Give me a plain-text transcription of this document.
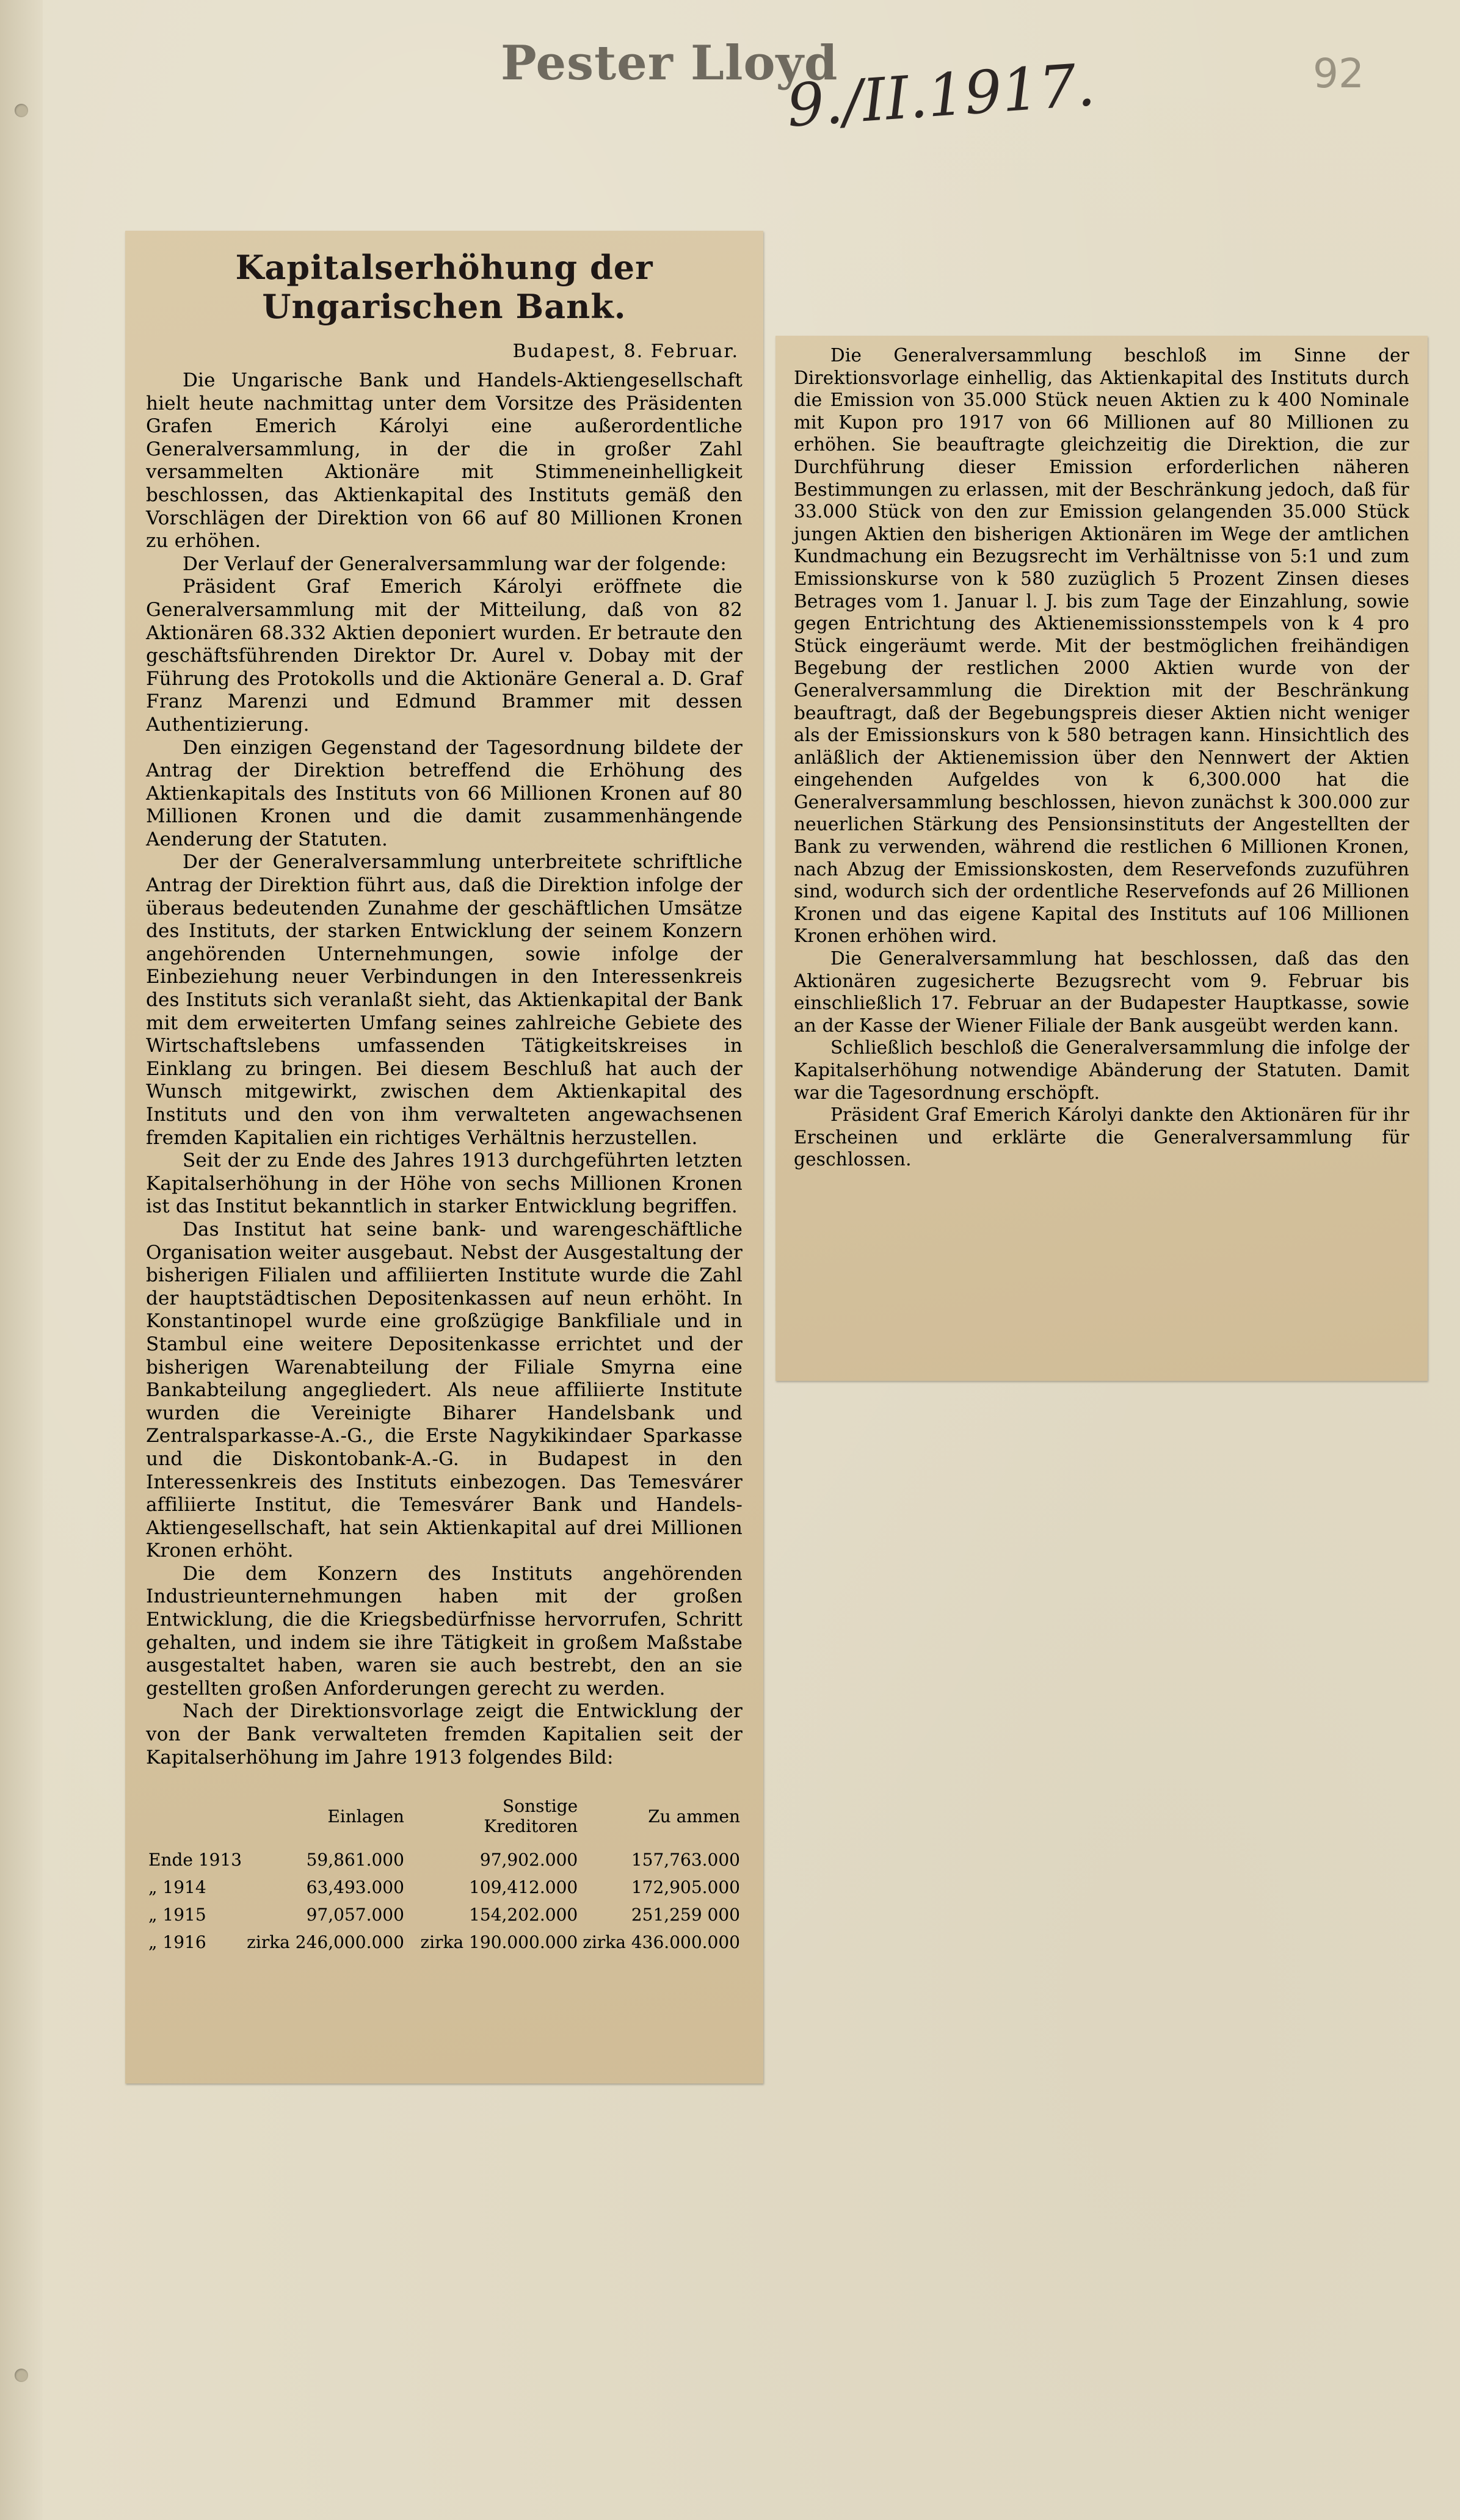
Pester Lloyd
9./II.1917.	92
Kapitalserhöhung der Ungarischen Bank.
Budapest, 8. Februar.

Die Ungarische Bank und Handels-Aktiengesellschaft hielt heute nachmittag unter dem Vorsitze des Präsidenten Grafen Emerich Károlyi eine außerordentliche Generalversammlung, in der die in großer Zahl versammelten Aktionäre mit Stimmeneinhelligkeit beschlossen, das Aktienkapital des Instituts gemäß den Vorschlägen der Direktion von 66 auf 80 Millionen Kronen zu erhöhen.

Der Verlauf der Generalversammlung war der folgende:

Präsident Graf Emerich Károlyi eröffnete die Generalversammlung mit der Mitteilung, daß von 82 Aktionären 68.332 Aktien deponiert wurden. Er betraute den geschäftsführenden Direktor Dr. Aurel v. Dobay mit der Führung des Protokolls und die Aktionäre General a. D. Graf Franz Marenzi und Edmund Brammer mit dessen Authentizierung.

Den einzigen Gegenstand der Tagesordnung bildete der Antrag der Direktion betreffend die Erhöhung des Aktienkapitals des Instituts von 66 Millionen Kronen auf 80 Millionen Kronen und die damit zusammenhängende Aenderung der Statuten.

Der der Generalversammlung unterbreitete schriftliche Antrag der Direktion führt aus, daß die Direktion infolge der überaus bedeutenden Zunahme der geschäftlichen Umsätze des Instituts, der starken Entwicklung der seinem Konzern angehörenden Unternehmungen, sowie infolge der Einbeziehung neuer Verbindungen in den Interessenkreis des Instituts sich veranlaßt sieht, das Aktienkapital der Bank mit dem erweiterten Umfang seines zahlreiche Gebiete des Wirtschaftslebens umfassenden Tätigkeitskreises in Einklang zu bringen. Bei diesem Beschluß hat auch der Wunsch mitgewirkt, zwischen dem Aktienkapital des Instituts und den von ihm verwalteten angewachsenen fremden Kapitalien ein richtiges Verhältnis herzustellen.

Seit der zu Ende des Jahres 1913 durchgeführten letzten Kapitalserhöhung in der Höhe von sechs Millionen Kronen ist das Institut bekanntlich in starker Entwicklung begriffen.

Das Institut hat seine bank- und warengeschäftliche Organisation weiter ausgebaut. Nebst der Ausgestaltung der bisherigen Filialen und affiliierten Institute wurde die Zahl der hauptstädtischen Depositenkassen auf neun erhöht. In Konstantinopel wurde eine großzügige Bankfiliale und in Stambul eine weitere Depositenkasse errichtet und der bisherigen Warenabteilung der Filiale Smyrna eine Bankabteilung angegliedert. Als neue affiliierte Institute wurden die Vereinigte Biharer Handelsbank und Zentralsparkasse-A.-G., die Erste Nagykikindaer Sparkasse und die Diskontobank-A.-G. in Budapest in den Interessenkreis des Instituts einbezogen. Das Temesvárer affiliierte Institut, die Temesvárer Bank und Handels-Aktiengesellschaft, hat sein Aktienkapital auf drei Millionen Kronen erhöht.

Die dem Konzern des Instituts angehörenden Industrieunternehmungen haben mit der großen Entwicklung, die die Kriegsbedürfnisse hervorrufen, Schritt gehalten, und indem sie ihre Tätigkeit in großem Maßstabe ausgestaltet haben, waren sie auch bestrebt, den an sie gestellten großen Anforderungen gerecht zu werden.

Nach der Direktionsvorlage zeigt die Entwicklung der von der Bank verwalteten fremden Kapitalien seit der Kapitalserhöhung im Jahre 1913 folgendes Bild:

	Einlagen	Sonstige Kreditoren	Zu ammen
Ende 1913	59,861.000	97,902.000	157,763.000
„ 1914	63,493.000	109,412.000	172,905.000
„ 1915	97,057.000	154,202.000	251,259 000
„ 1916	zirka 246,000.000	zirka 190.000.000	zirka 436.000.000

Die Generalversammlung beschloß im Sinne der Direktionsvorlage einhellig, das Aktienkapital des Instituts durch die Emission von 35.000 Stück neuen Aktien zu k 400 Nominale mit Kupon pro 1917 von 66 Millionen auf 80 Millionen zu erhöhen. Sie beauftragte gleichzeitig die Direktion, die zur Durchführung dieser Emission erforderlichen näheren Bestimmungen zu erlassen, mit der Beschränkung jedoch, daß für 33.000 Stück von den zur Emission gelangenden 35.000 Stück jungen Aktien den bisherigen Aktionären im Wege der amtlichen Kundmachung ein Bezugsrecht im Verhältnisse von 5:1 und zum Emissionskurse von k 580 zuzüglich 5 Prozent Zinsen dieses Betrages vom 1. Januar l. J. bis zum Tage der Einzahlung, sowie gegen Entrichtung des Aktienemissionsstempels von k 4 pro Stück eingeräumt werde. Mit der bestmöglichen freihändigen Begebung der restlichen 2000 Aktien wurde von der Generalversammlung die Direktion mit der Beschränkung beauftragt, daß der Begebungspreis dieser Aktien nicht weniger als der Emissionskurs von k 580 betragen kann. Hinsichtlich des anläßlich der Aktienemission über den Nennwert der Aktien eingehenden Aufgeldes von k 6,300.000 hat die Generalversammlung beschlossen, hievon zunächst k 300.000 zur neuerlichen Stärkung des Pensionsinstituts der Angestellten der Bank zu verwenden, während die restlichen 6 Millionen Kronen, nach Abzug der Emissionskosten, dem Reservefonds zuzuführen sind, wodurch sich der ordentliche Reservefonds auf 26 Millionen Kronen und das eigene Kapital des Instituts auf 106 Millionen Kronen erhöhen wird.

Die Generalversammlung hat beschlossen, daß das den Aktionären zugesicherte Bezugsrecht vom 9. Februar bis einschließlich 17. Februar an der Budapester Hauptkasse, sowie an der Kasse der Wiener Filiale der Bank ausgeübt werden kann.

Schließlich beschloß die Generalversammlung die infolge der Kapitalserhöhung notwendige Abänderung der Statuten. Damit war die Tagesordnung erschöpft.

Präsident Graf Emerich Károlyi dankte den Aktionären für ihr Erscheinen und erklärte die Generalversammlung für geschlossen.
